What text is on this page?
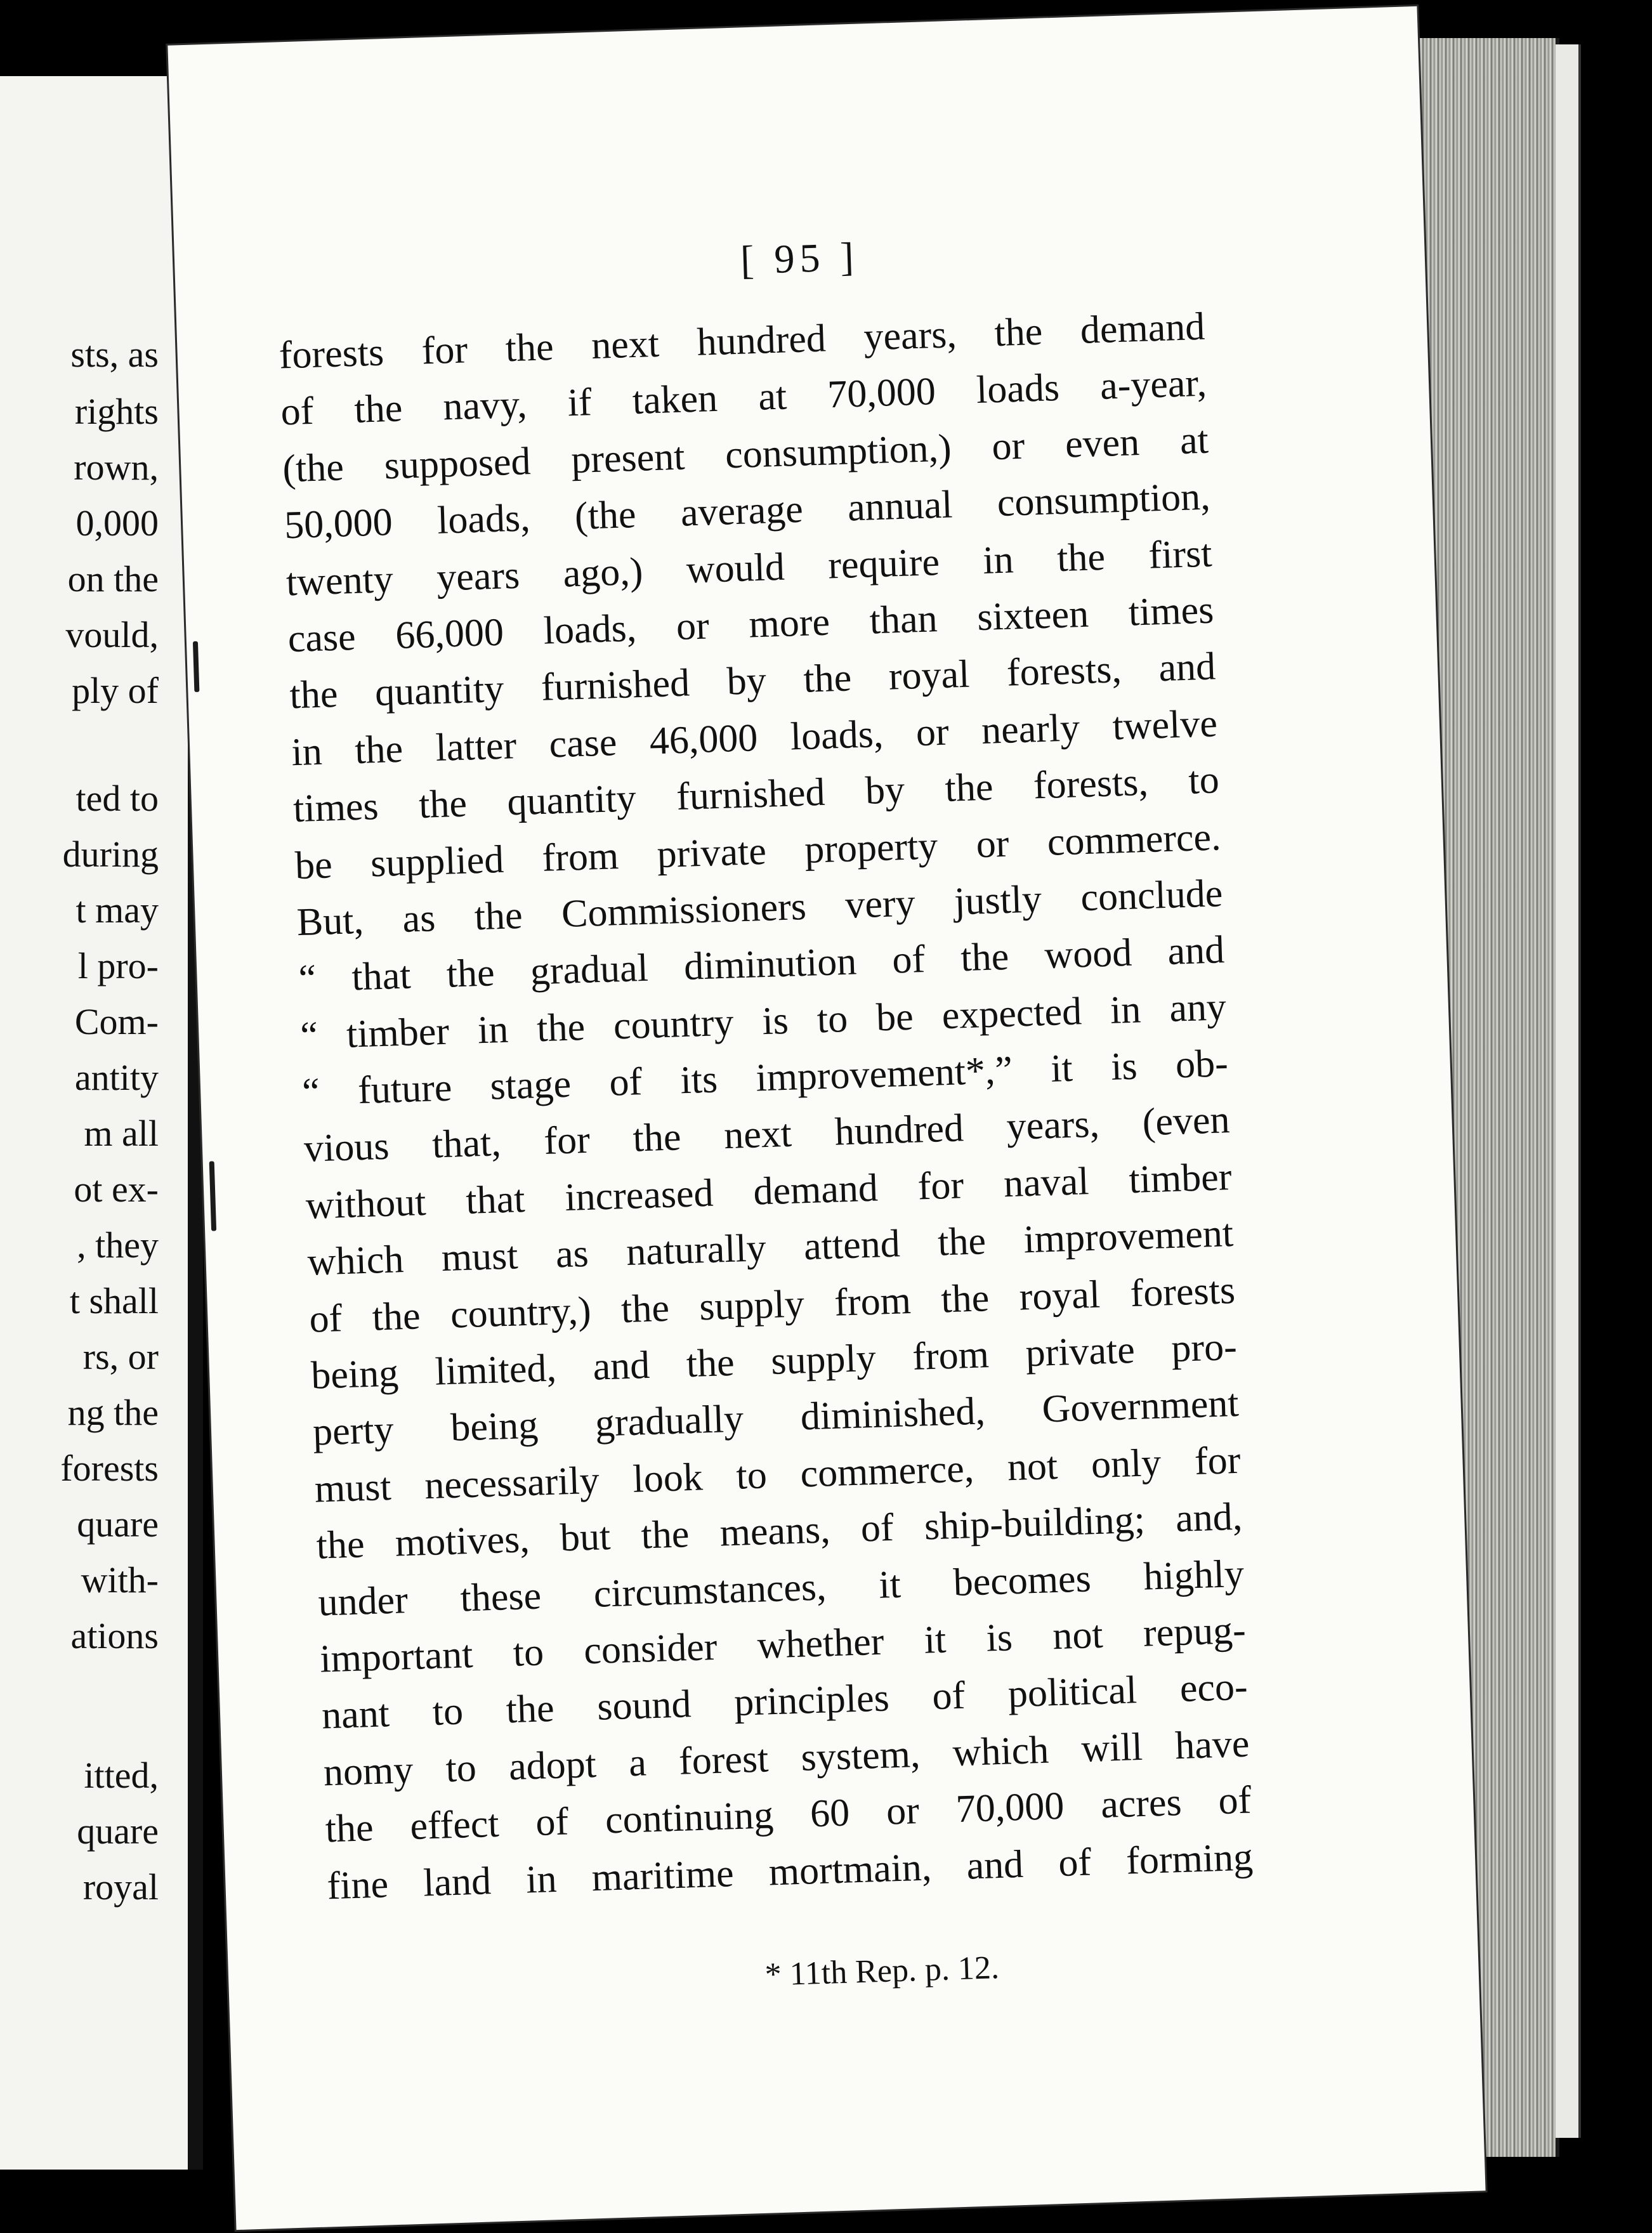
sts, as
rights
rown,
0,000
on the
vould,
ply of
ted to
during
t may
l pro-
Com-
antity
m all
ot ex-
, they
t shall
rs, or
ng the
forests
quare
with-
ations
itted,
quare
royal
[ 95 ]
forests for the next hundred years, the demand
of the navy, if taken at 70,000 loads a-year,
(the supposed present consumption,) or even at
50,000 loads, (the average annual consumption,
twenty years ago,) would require in the first
case 66,000 loads, or more than sixteen times
the quantity furnished by the royal forests, and
in the latter case 46,000 loads, or nearly twelve
times the quantity furnished by the forests, to
be supplied from private property or commerce.
But, as the Commissioners very justly conclude
“ that the gradual diminution of the wood and
“ timber in the country is to be expected in any
“ future stage of its improvement*,” it is ob-
vious that, for the next hundred years, (even
without that increased demand for naval timber
which must as naturally attend the improvement
of the country,) the supply from the royal forests
being limited, and the supply from private pro-
perty being gradually diminished, Government
must necessarily look to commerce, not only for
the motives, but the means, of ship-building; and,
under these circumstances, it becomes highly
important to consider whether it is not repug-
nant to the sound principles of political eco-
nomy to adopt a forest system, which will have
the effect of continuing 60 or 70,000 acres of
fine land in maritime mortmain, and of forming
* 11th Rep. p. 12.
